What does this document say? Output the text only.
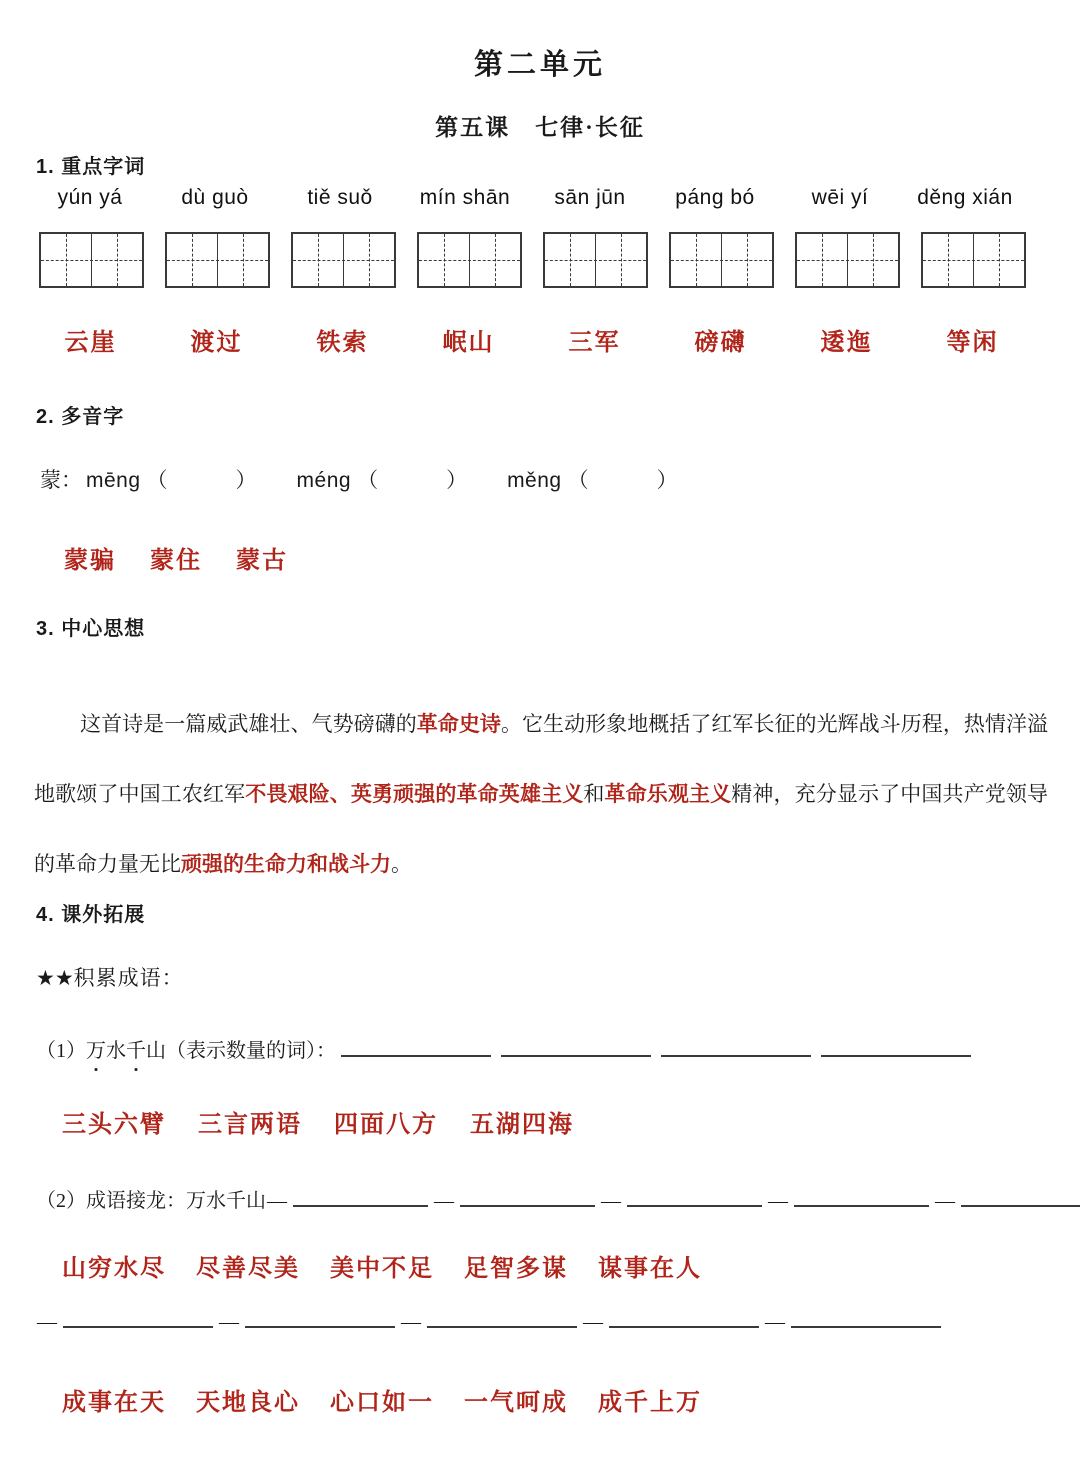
第二单元
第五课　七律·长征
1. 重点字词
yún yá	dù guò	tiě suǒ	mín shān	sān jūn	páng bó	wēi yí	děng xián
云崖	渡过	铁索	岷山	三军	磅礴	逶迤	等闲
2. 多音字
蒙： mēng （	） méng （	） měng （	）
蒙骗 蒙住 蒙古
3. 中心思想

这首诗是一篇威武雄壮、气势磅礴的革命史诗。它生动形象地概括了红军长征的光辉战斗历程，热情洋溢地歌颂了中国工农红军不畏艰险、英勇顽强的革命英雄主义和革命乐观主义精神，充分显示了中国共产党领导的革命力量无比顽强的生命力和战斗力。

4. 课外拓展
★★积累成语：
（1） 万 水 千 山 （表示数量的词）：
三头六臂 三言两语 四面八方 五湖四海
（2） 成语接龙：万水千山 —	—	—	—	—
山穷水尽 尽善尽美 美中不足 足智多谋 谋事在人
—	—	—	—	—
成事在天 天地良心 心口如一 一气呵成 成千上万
